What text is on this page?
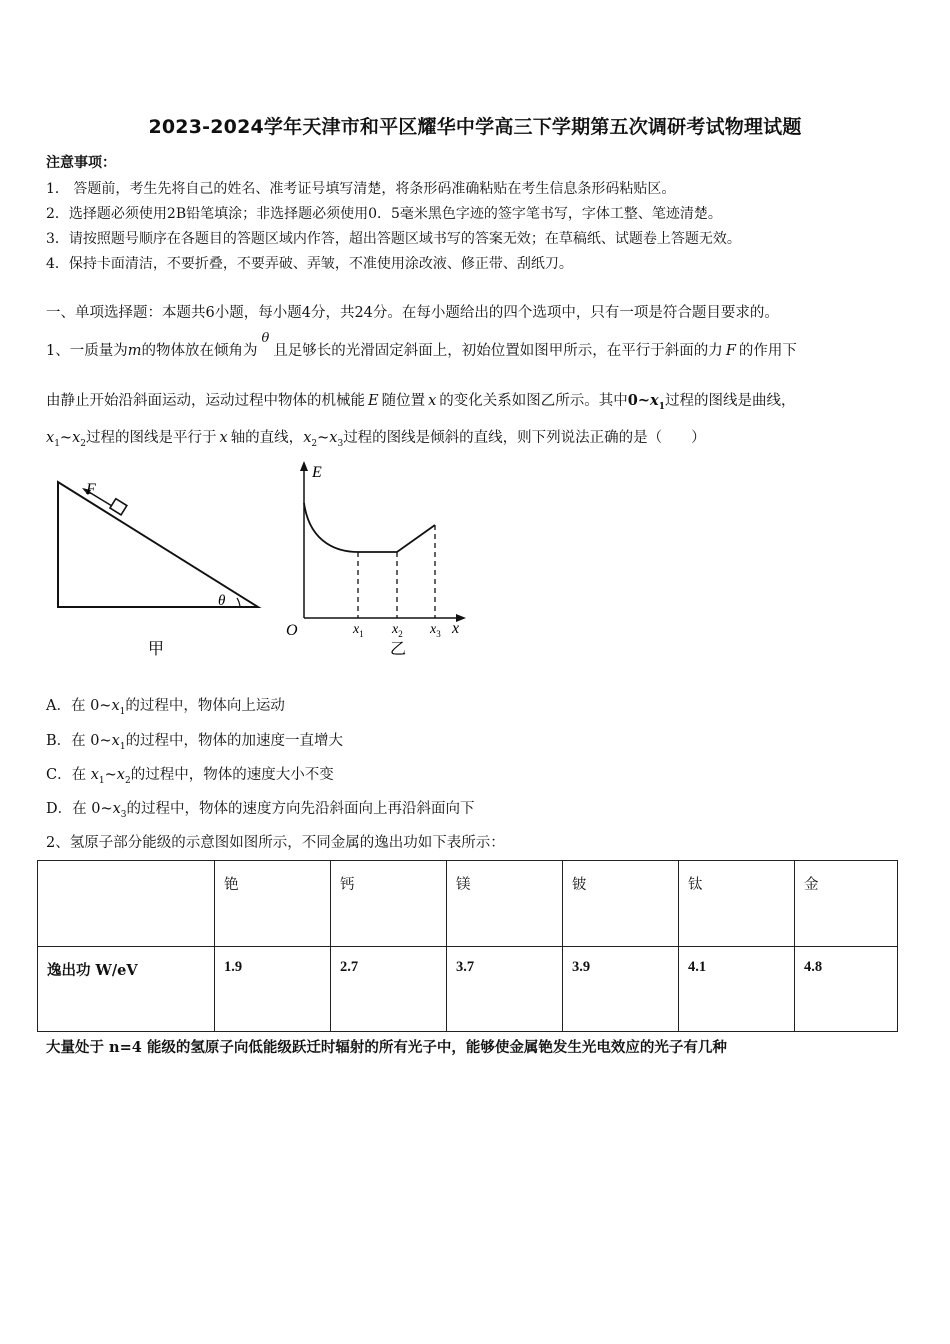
2023-2024学年天津市和平区耀华中学高三下学期第五次调研考试物理试题
注意事项：
1． 答题前，考生先将自己的姓名、准考证号填写清楚，将条形码准确粘贴在考生信息条形码粘贴区。
2．选择题必须使用2B铅笔填涂；非选择题必须使用0．5毫米黑色字迹的签字笔书写，字体工整、笔迹清楚。
3．请按照题号顺序在各题目的答题区域内作答，超出答题区域书写的答案无效；在草稿纸、试题卷上答题无效。
4．保持卡面清洁，不要折叠，不要弄破、弄皱，不准使用涂改液、修正带、刮纸刀。
一、单项选择题：本题共6小题，每小题4分，共24分。在每小题给出的四个选项中，只有一项是符合题目要求的。
1、一质量为m的物体放在倾角为θ且足够长的光滑固定斜面上，初始位置如图甲所示，在平行于斜面的力 F 的作用下
由静止开始沿斜面运动，运动过程中物体的机械能 E 随位置 x 的变化关系如图乙所示。其中$0\sim x_1$过程的图线是曲线，
$x_1\sim x_2$过程的图线是平行于 x 轴的直线，$x_2\sim x_3$过程的图线是倾斜的直线，则下列说法正确的是（　　）
F
θ
甲
E
O	x
$x_1$ $x_2$ $x_3$
乙
A．在 $0\sim x_1$的过程中，物体向上运动
B．在 $0\sim x_1$的过程中，物体的加速度一直增大
C．在 $x_1\sim x_2$的过程中，物体的速度大小不变
D．在 $0\sim x_3$的过程中，物体的速度方向先沿斜面向上再沿斜面向下
2、氢原子部分能级的示意图如图所示，不同金属的逸出功如下表所示：
	铯	钙	镁	铍	钛	金
逸出功 W/eV	1.9	2.7	3.7	3.9	4.1	4.8
大量处于 n=4 能级的氢原子向低能级跃迁时辐射的所有光子中，能够使金属铯发生光电效应的光子有几种
